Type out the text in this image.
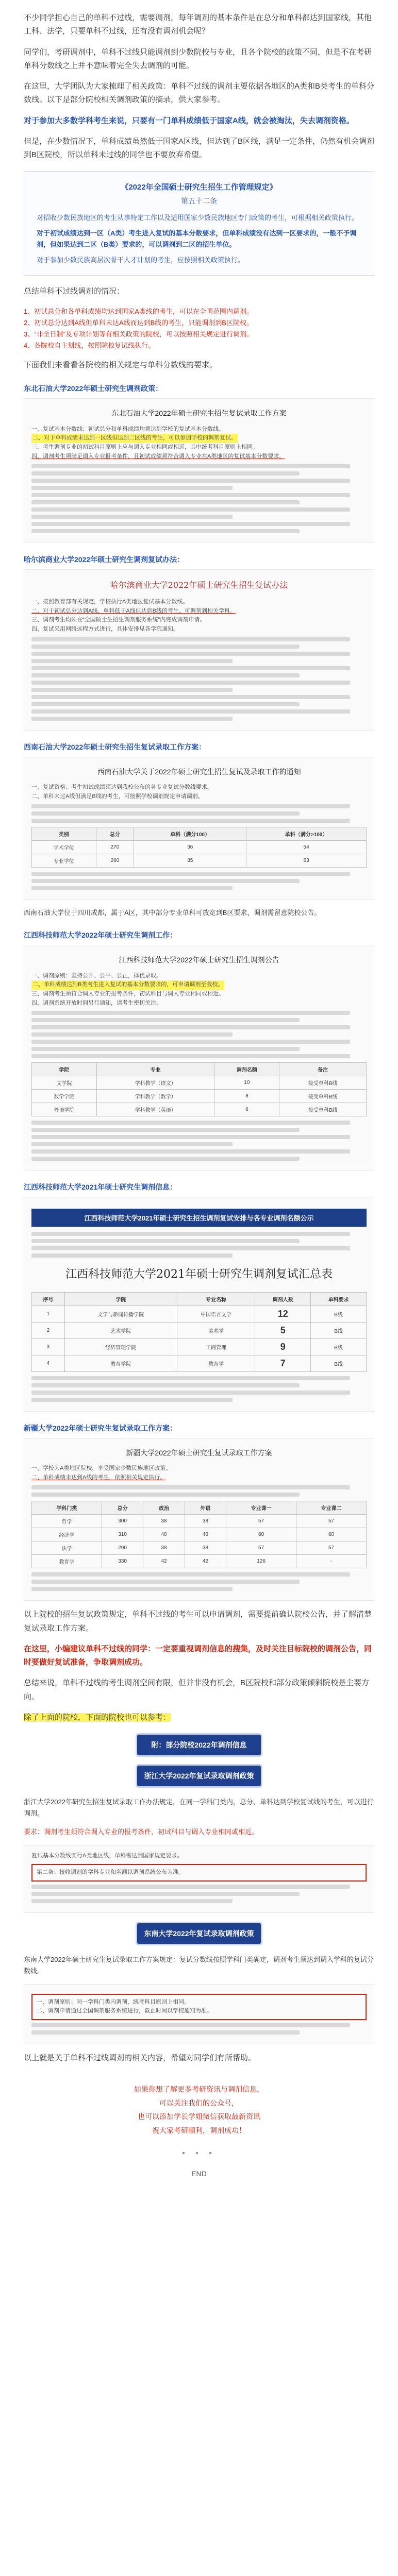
不少同学担心自己的单科不过线，需要调剂，每年调剂的基本条件是在总分和单科都达到国家线，其他工科、法学，只要单科不过线，还有没有调剂机会呢？

同学们，考研调剂中，单科不过线只能调剂到少数院校与专业，且各个院校的政策不同，但是不在考研单科分数线之上并不意味着完全失去调剂的可能。

在这里，大学团队为大家梳理了相关政策：单科不过线的调剂主要依据各地区的A类和B类考生的单科分数线。以下是部分院校相关调剂政策的摘录，供大家参考。

对于参加大多数学科考生来说，只要有一门单科成绩低于国家A线，就会被淘汰，失去调剂资格。

但是，在少数情况下，单科成绩虽然低于国家A区线，但达到了B区线，满足一定条件，仍然有机会调剂到B区院校，所以单科未过线的同学也不要放弃希望。

《2022年全国硕士研究生招生工作管理规定》

第五十二条

对招收少数民族地区的考生从事特定工作以及适用国家少数民族地区专门政策的考生，可根据相关政策执行。

对于初试成绩达到一区（A类）考生进入复试的基本分数要求，但单科成绩没有达到一区要求的，一般不予调剂，但如果达到二区（B类）要求的，可以调剂到二区的招生单位。

对于参加少数民族高层次骨干人才计划的考生，应按照相关政策执行。

总结单科不过线调剂的情况：

1、初试总分和各单科成绩均达到国家A类线的考生，可以在全国范围内调剂。

2、初试总分达到A线但单科未达A线而达到B线的考生，只能调剂到B区院校。

3、“非全日制”及专项计划等有相关政策的院校，可以按照相关规定进行调剂。

4、各院校自主划线，按照院校复试线执行。

下面我们来看看各院校的相关规定与单科分数线的要求。

东北石油大学2022年硕士研究生调剂政策：

东北石油大学2022年硕士研究生招生复试录取工作方案

一、复试基本分数线：初试总分和单科成绩均须达到学校的复试基本分数线。

二、对于单科成绩未达到一区线但达到二区线的考生，可以参加学校的调剂复试。

三、考生调剂专业的初试科目原则上应与调入专业相同或相近，其中统考科目原则上相同。

四、调剂考生须满足调入专业报考条件，且初试成绩须符合调入专业在A类地区的复试基本分数要求。

哈尔滨商业大学2022年硕士研究生调剂复试办法：

哈尔滨商业大学2022年硕士研究生招生复试办法

一、按照教育部有关规定，学校执行A类地区复试基本分数线。

二、对于初试总分达到A线、单科低于A线但达到B线的考生，可调剂到相关学科。

三、调剂考生均须在“全国硕士生招生调剂服务系统”内完成调剂申请。

四、复试采用网络远程方式进行，具体安排见各学院通知。

西南石油大学2022年硕士研究生招生复试录取工作方案：

西南石油大学关于2022年硕士研究生招生复试及录取工作的通知

一、复试资格：考生初试成绩须达到我校公布的各专业复试分数线要求。

二、单科未过A线但满足B线的考生，可按照学校调剂规定申请调剂。

类别	总分	单科（满分100）	单科（满分>100）
学术学位	270	36	54
专业学位	260	35	53

西南石油大学位于四川成都，属于A区，其中部分专业单科可放宽到B区要求，调剂需留意院校公告。

江西科技师范大学2022年硕士研究生调剂工作：

江西科技师范大学2022年硕士研究生招生调剂公告

一、调剂原则：坚持公开、公平、公正，择优录取。

二、单科成绩达到B类考生进入复试的基本分数要求的，可申请调剂至我校。

三、调剂考生须符合调入专业的报考条件，初试科目与调入专业相同或相近。

四、调剂系统开放时间另行通知，请考生密切关注。

学院	专业	调剂名额	备注
文学院	学科教学（语文）	10	接受单科B线
数学学院	学科教学（数学）	8	接受单科B线
外语学院	学科教学（英语）	6	接受单科B线

江西科技师范大学2021年硕士研究生调剂信息：

江西科技师范大学2021年硕士研究生招生调剂复试安排与各专业调剂名额公示

江西科技师范大学2021年硕士研究生调剂复试汇总表

序号	学院	专业名称	调剂人数	单科要求
1	文学与新闻传播学院	中国语言文学	12	B线
2	艺术学院	美术学	5	B线
3	经济管理学院	工商管理	9	B线
4	教育学院	教育学	7	B线

新疆大学2022年硕士研究生复试录取工作方案：

新疆大学2022年硕士研究生复试录取工作方案

一、学校为A类地区院校，享受国家少数民族地区政策。

二、单科成绩未达到A线的考生，依照相关规定执行。

学科门类	总分	政治	外语	专业课一	专业课二
哲学	300	38	38	57	57
经济学	310	40	40	60	60
法学	290	38	38	57	57
教育学	330	42	42	126	-

以上院校的招生复试政策规定，单科不过线的考生可以申请调剂，需要提前确认院校公告，并了解清楚复试录取工作方案。

在这里，小编建议单科不过线的同学：一定要重视调剂信息的搜集，及时关注目标院校的调剂公告，同时要做好复试准备，争取调剂成功。

总结来说，单科不过线的考生调剂空间有限，但并非没有机会，B区院校和部分政策倾斜院校是主要方向。

除了上面的院校，下面的院校也可以参考：

附：部分院校2022年调剂信息
浙江大学2022年复试录取调剂政策

浙江大学2022年研究生招生复试录取工作办法规定，在同一学科门类内，总分、单科达到学校复试线的考生，可以进行调剂。

要求：调剂考生须符合调入专业的报考条件，初试科目与调入专业相同或相近。

复试基本分数线实行A类地区线，单科需达到国家规定要求。

第二条：接收调剂的学科专业和名额以调剂系统公布为准。

东南大学2022年复试录取调剂政策

东南大学2022年硕士研究生复试录取工作方案规定：复试分数线按照学科门类确定，调剂考生须达到调入学科的复试分数线。

一、调剂原则：同一学科门类内调剂，统考科目原则上相同。

二、调剂申请通过全国调剂服务系统进行，截止时间以学校通知为准。

以上就是关于单科不过线调剂的相关内容，希望对同学们有所帮助。

如果你想了解更多考研资讯与调剂信息，

可以关注我们的公众号，

也可以添加学长学姐微信获取最新资讯

祝大家考研顺利，调剂成功！

• • •
END
